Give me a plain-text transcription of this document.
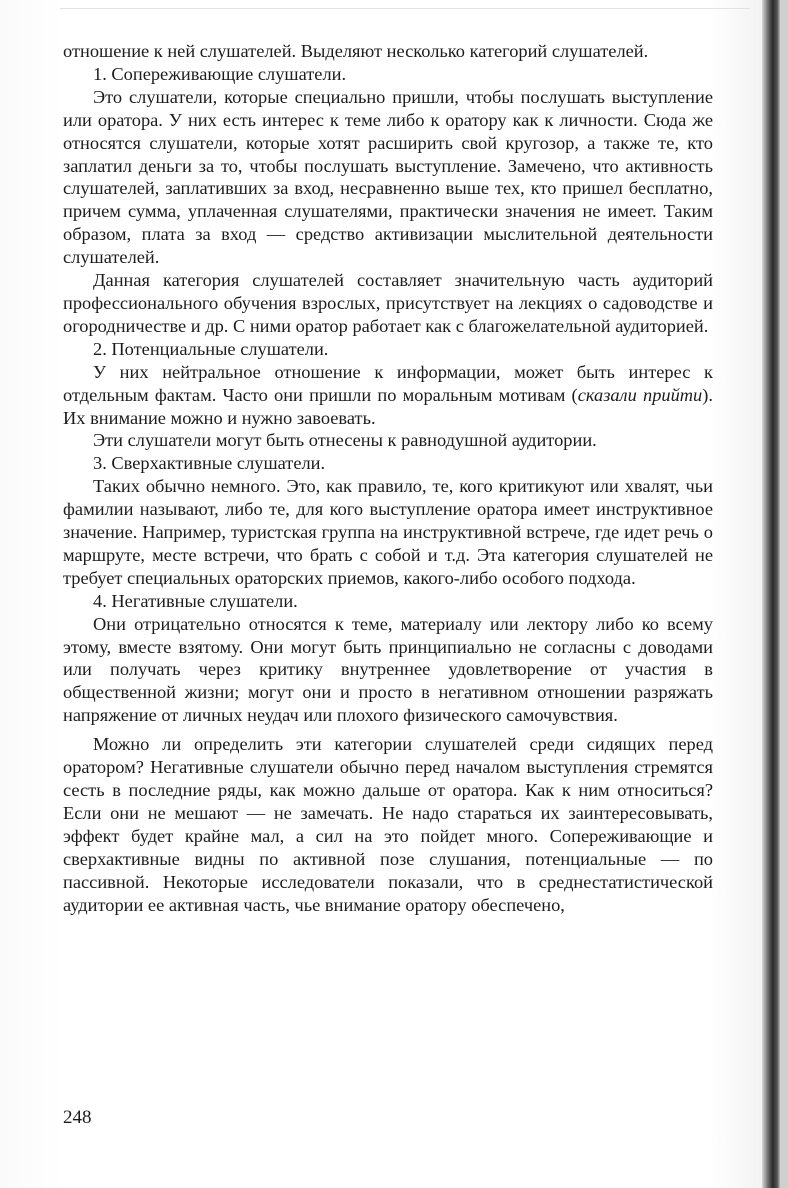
отношение к ней слушателей. Выделяют несколько категорий слушателей.

1. Сопереживающие слушатели.

Это слушатели, которые специально пришли, чтобы послушать выступление или оратора. У них есть интерес к теме либо к оратору как к личности. Сюда же относятся слушатели, которые хотят расширить свой кругозор, а также те, кто заплатил деньги за то, чтобы послушать выступление. Замечено, что активность слушателей, заплативших за вход, несравненно выше тех, кто пришел бесплатно, причем сумма, уплаченная слушателями, практически значения не имеет. Таким образом, плата за вход — средство активизации мыслительной деятельности слушателей.

Данная категория слушателей составляет значительную часть аудиторий профессионального обучения взрослых, присутствует на лекциях о садоводстве и огородничестве и др. С ними оратор работает как с благожелательной аудиторией.

2. Потенциальные слушатели.

У них нейтральное отношение к информации, может быть интерес к отдельным фактам. Часто они пришли по моральным мотивам (сказали прийти). Их внимание можно и нужно завоевать.

Эти слушатели могут быть отнесены к равнодушной аудитории.

3. Сверхактивные слушатели.

Таких обычно немного. Это, как правило, те, кого критикуют или хвалят, чьи фамилии называют, либо те, для кого выступление оратора имеет инструктивное значение. Например, туристская группа на инструктивной встрече, где идет речь о маршруте, месте встречи, что брать с собой и т.д. Эта категория слушателей не требует специальных ораторских приемов, какого-либо особого подхода.

4. Негативные слушатели.

Они отрицательно относятся к теме, материалу или лектору либо ко всему этому, вместе взятому. Они могут быть принципиально не согласны с доводами или получать через критику внутреннее удовлетворение от участия в общественной жизни; могут они и просто в негативном отношении разряжать напряжение от личных неудач или плохого физического самочувствия.

Можно ли определить эти категории слушателей среди сидящих перед оратором? Негативные слушатели обычно перед началом выступления стремятся сесть в последние ряды, как можно дальше от оратора. Как к ним относиться? Если они не мешают — не замечать. Не надо стараться их заинтересовывать, эффект будет крайне мал, а сил на это пойдет много. Сопереживающие и сверхактивные видны по активной позе слушания, потенциальные — по пассивной. Некоторые исследователи показали, что в среднестатистической аудитории ее активная часть, чье внимание оратору обеспечено,

248
